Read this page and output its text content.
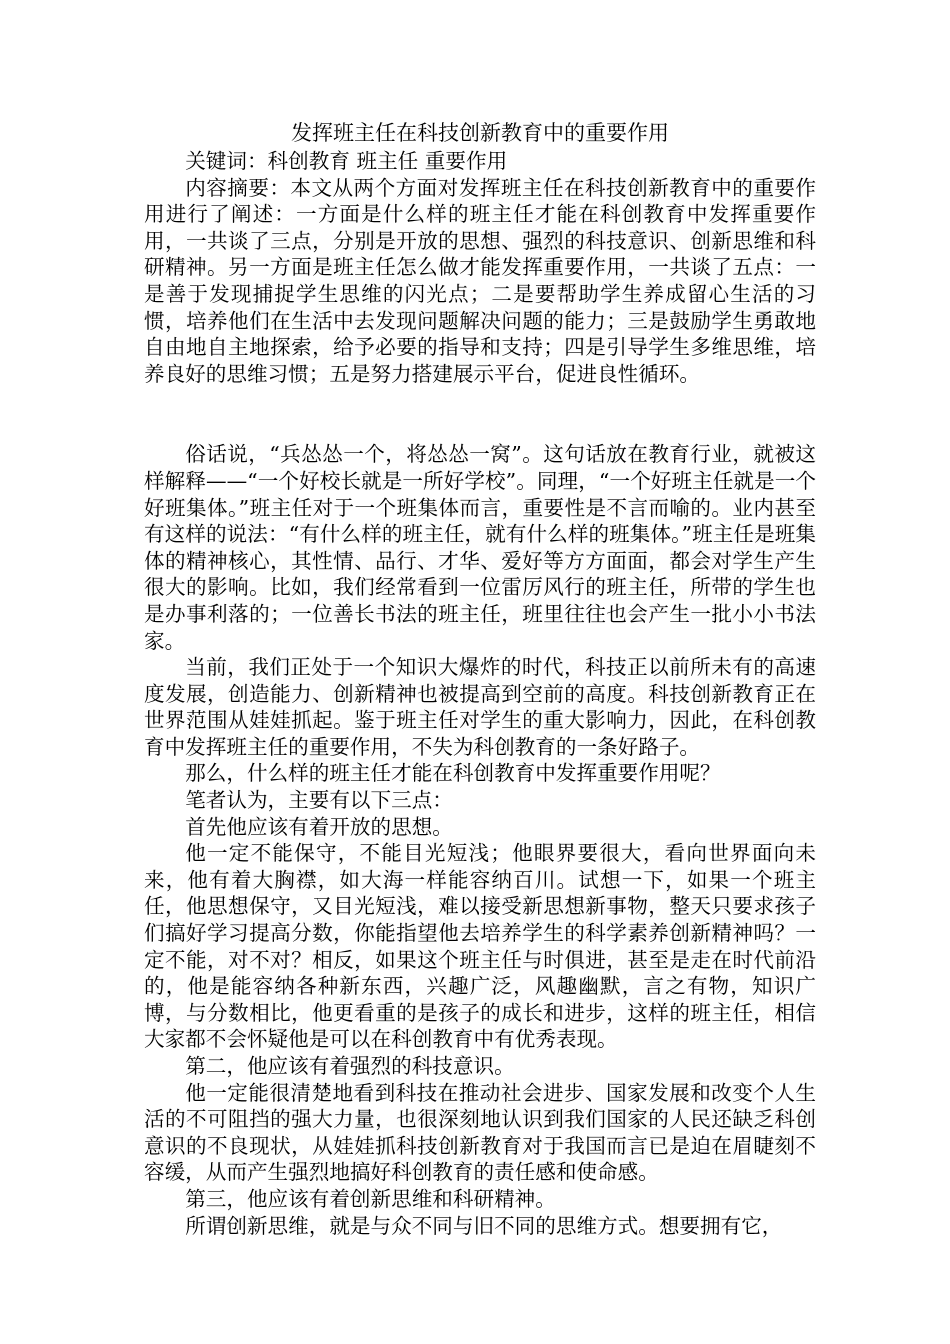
发挥班主任在科技创新教育中的重要作用

关键词：科创教育 班主任 重要作用

内容摘要：本文从两个方面对发挥班主任在科技创新教育中的重要作用进行了阐述：一方面是什么样的班主任才能在科创教育中发挥重要作用，一共谈了三点，分别是开放的思想、强烈的科技意识、创新思维和科研精神。另一方面是班主任怎么做才能发挥重要作用，一共谈了五点：一是善于发现捕捉学生思维的闪光点；二是要帮助学生养成留心生活的习惯，培养他们在生活中去发现问题解决问题的能力；三是鼓励学生勇敢地自由地自主地探索，给予必要的指导和支持；四是引导学生多维思维，培养良好的思维习惯；五是努力搭建展示平台，促进良性循环。

俗话说，“兵怂怂一个，将怂怂一窝”。这句话放在教育行业，就被这样解释——“一个好校长就是一所好学校”。同理，“一个好班主任就是一个好班集体。”班主任对于一个班集体而言，重要性是不言而喻的。业内甚至有这样的说法：“有什么样的班主任，就有什么样的班集体。”班主任是班集体的精神核心，其性情、品行、才华、爱好等方方面面，都会对学生产生很大的影响。比如，我们经常看到一位雷厉风行的班主任，所带的学生也是办事利落的；一位善长书法的班主任，班里往往也会产生一批小小书法家。

当前，我们正处于一个知识大爆炸的时代，科技正以前所未有的高速度发展，创造能力、创新精神也被提高到空前的高度。科技创新教育正在世界范围从娃娃抓起。鉴于班主任对学生的重大影响力，因此，在科创教育中发挥班主任的重要作用，不失为科创教育的一条好路子。

那么，什么样的班主任才能在科创教育中发挥重要作用呢？

笔者认为，主要有以下三点：

首先他应该有着开放的思想。

他一定不能保守，不能目光短浅；他眼界要很大，看向世界面向未来，他有着大胸襟，如大海一样能容纳百川。试想一下，如果一个班主任，他思想保守，又目光短浅，难以接受新思想新事物，整天只要求孩子们搞好学习提高分数，你能指望他去培养学生的科学素养创新精神吗？一定不能，对不对？相反，如果这个班主任与时俱进，甚至是走在时代前沿的，他是能容纳各种新东西，兴趣广泛，风趣幽默，言之有物，知识广博，与分数相比，他更看重的是孩子的成长和进步，这样的班主任，相信大家都不会怀疑他是可以在科创教育中有优秀表现。

第二，他应该有着强烈的科技意识。

他一定能很清楚地看到科技在推动社会进步、国家发展和改变个人生活的不可阻挡的强大力量，也很深刻地认识到我们国家的人民还缺乏科创意识的不良现状，从娃娃抓科技创新教育对于我国而言已是迫在眉睫刻不容缓，从而产生强烈地搞好科创教育的责任感和使命感。

第三，他应该有着创新思维和科研精神。

所谓创新思维，就是与众不同与旧不同的思维方式。想要拥有它，
